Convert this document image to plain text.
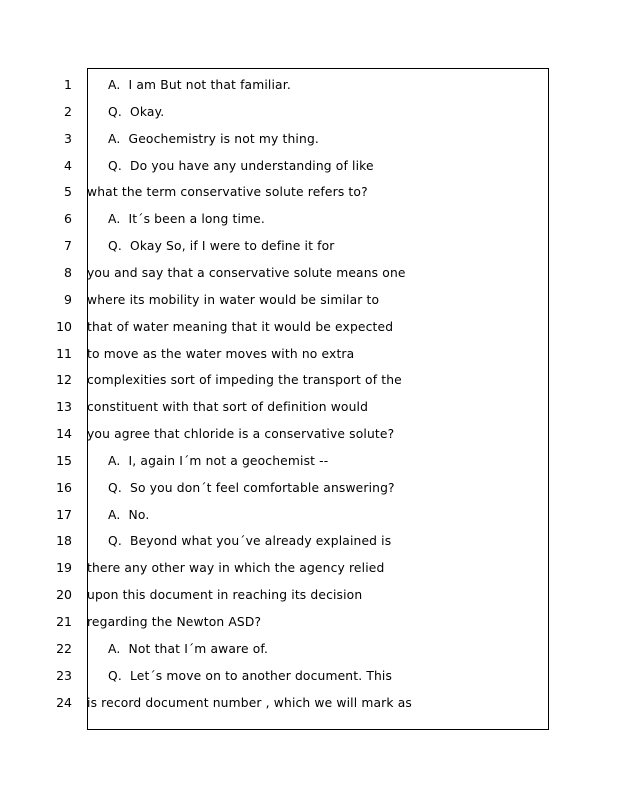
1	A.  I am But not that familiar.
2	Q.  Okay.
3	A.  Geochemistry is not my thing.
4	Q.  Do you have any understanding of like
5 what the term conservative solute refers to?
6	A.  It´s been a long time.
7	Q.  Okay So, if I were to define it for
8 you and say that a conservative solute means one
9 where its mobility in water would be similar to
10 that of water meaning that it would be expected
11 to move as the water moves with no extra
12 complexities sort of impeding the transport of the
13 constituent with that sort of definition would
14 you agree that chloride is a conservative solute?
15	A.  I, again I´m not a geochemist --
16	Q.  So you don´t feel comfortable answering?
17	A.  No.
18	Q.  Beyond what you´ve already explained is
19 there any other way in which the agency relied
20 upon this document in reaching its decision
21 regarding the Newton ASD?
22	A.  Not that I´m aware of.
23	Q.  Let´s move on to another document. This
24 is record document number , which we will mark as
